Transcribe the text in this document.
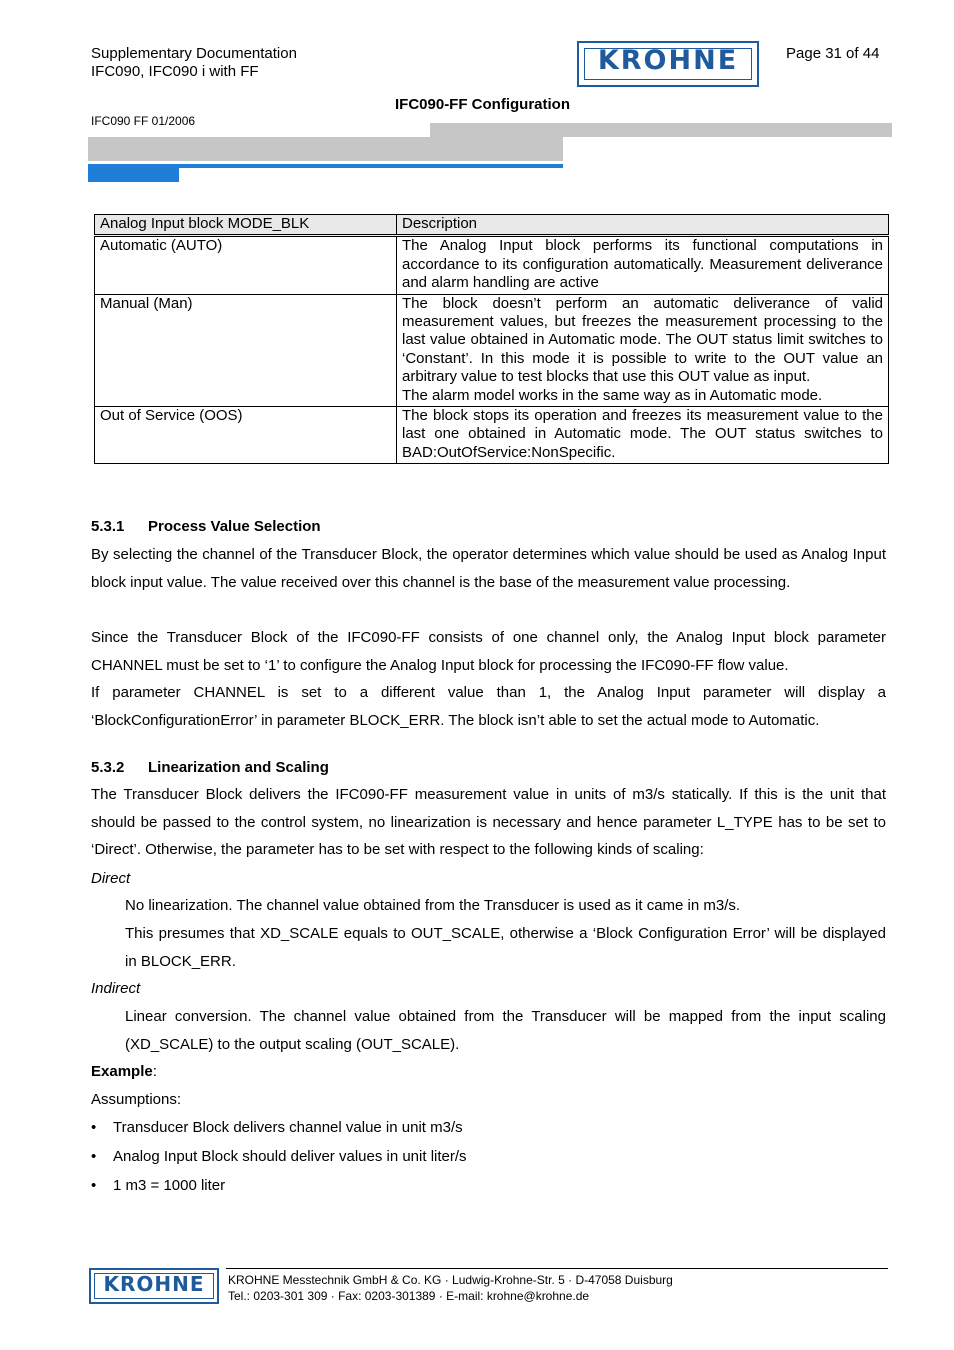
Supplementary Documentation
IFC090, IFC090 i with FF
IFC090 FF 01/2006
KROHNE	Page 31 of 44
IFC090-FF Configuration
Analog Input block MODE_BLK	Description
Automatic (AUTO)	The Analog Input block performs its functional computations in accordance to its configuration automatically. Measurement deliverance and alarm handling are active
Manual (Man)	The block doesn’t perform an automatic deliverance of valid measurement values, but freezes the measurement processing to the last value obtained in Automatic mode. The OUT status limit switches to ‘Constant’. In this mode it is possible to write to the OUT value an arbitrary value to test blocks that use this OUT value as input.
The alarm model works in the same way as in Automatic mode.

Out of Service (OOS)	The block stops its operation and freezes its measurement value to the last one obtained in Automatic mode. The OUT status switches to BAD:OutOfService:NonSpecific.
5.3.1 Process Value Selection
By selecting the channel of the Transducer Block, the operator determines which value should be used as Analog Input block input value. The value received over this channel is the base of the measurement value processing.
Since the Transducer Block of the IFC090-FF consists of one channel only, the Analog Input block parameter CHANNEL must be set to ‘1’ to configure the Analog Input block for processing the IFC090-FF flow value.
If parameter CHANNEL is set to a different value than 1, the Analog Input parameter will display a ‘BlockConfigurationError’ in parameter BLOCK_ERR. The block isn’t able to set the actual mode to Automatic.
5.3.2 Linearization and Scaling
The Transducer Block delivers the IFC090-FF measurement value in units of m3/s statically. If this is the unit that should be passed to the control system, no linearization is necessary and hence parameter L_TYPE has to be set to ‘Direct’. Otherwise, the parameter has to be set with respect to the following kinds of scaling:
Direct
No linearization. The channel value obtained from the Transducer is used as it came in m3/s.
This presumes that XD_SCALE equals to OUT_SCALE, otherwise a ‘Block Configuration Error’ will be displayed in BLOCK_ERR.
Indirect
Linear conversion. The channel value obtained from the Transducer will be mapped from the input scaling (XD_SCALE) to the output scaling (OUT_SCALE).
Example:
Assumptions:
• Transducer Block delivers channel value in unit m3/s
• Analog Input Block should deliver values in unit liter/s
• 1 m3 = 1000 liter
KROHNE	KROHNE Messtechnik GmbH & Co. KG · Ludwig-Krohne-Str. 5 · D-47058 Duisburg
Tel.: 0203-301 309 · Fax: 0203-301389 · E-mail: krohne@krohne.de
